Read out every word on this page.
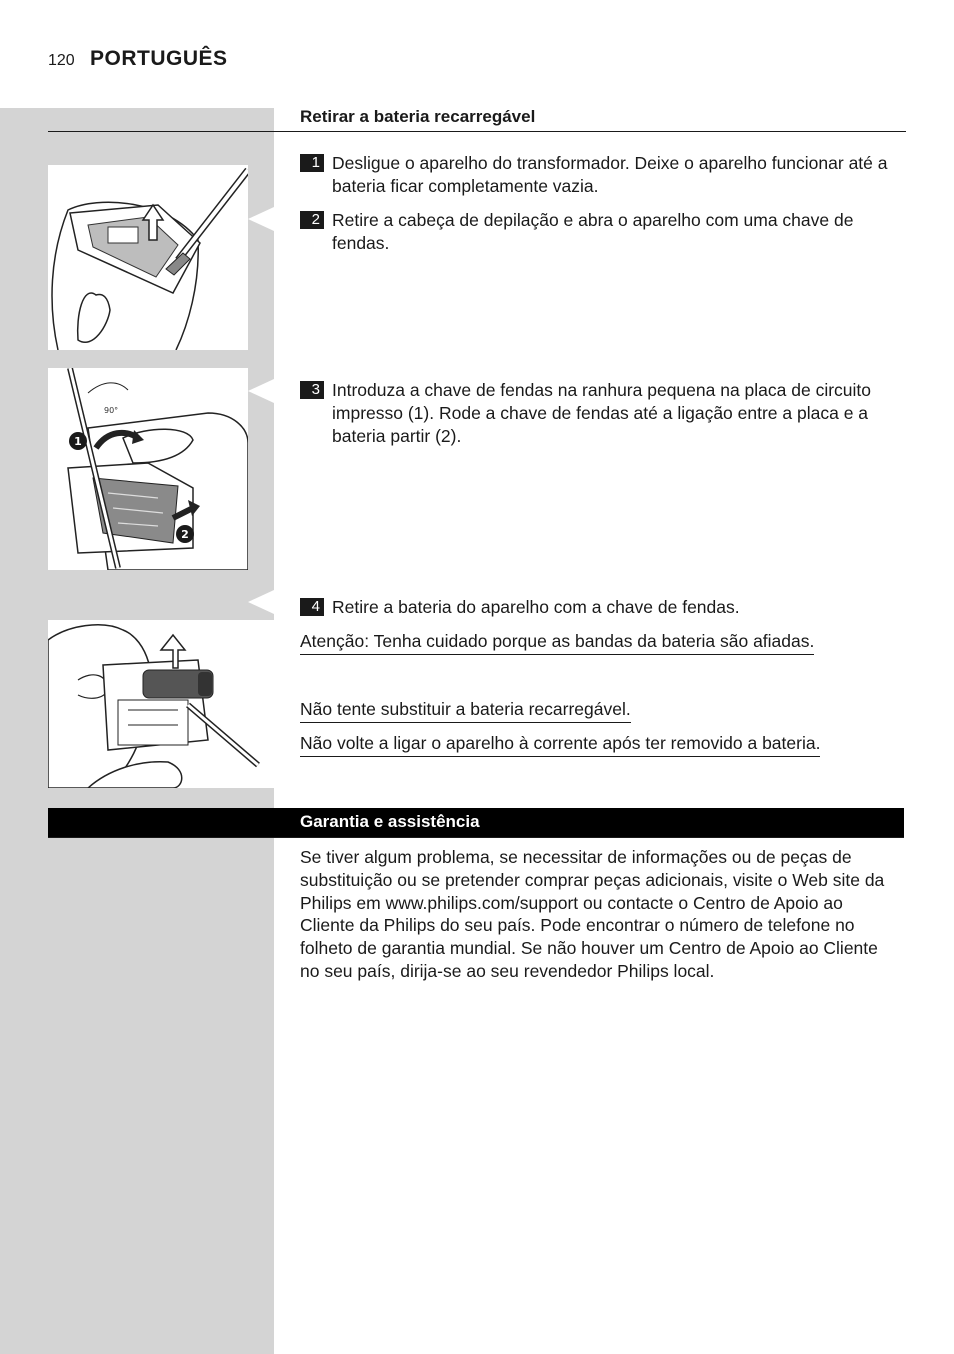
120 PORTUGUÊS
Retirar a bateria recarregável
1 Desligue o aparelho do transformador. Deixe o aparelho funcionar até a bateria ficar completamente vazia.
2 Retire a cabeça de depilação e abra o aparelho com uma chave de fendas.
90°
1
2
3 Introduza a chave de fendas na ranhura pequena na placa de circuito impresso (1). Rode a chave de fendas até a ligação entre a placa e a bateria partir (2).
4 Retire a bateria do aparelho com a chave de fendas.
Atenção: Tenha cuidado porque as bandas da bateria são afiadas.
Não tente substituir a bateria recarregável.
Não volte a ligar o aparelho à corrente após ter removido a bateria.
Garantia e assistência
Se tiver algum problema, se necessitar de informações ou de peças de substituição ou se pretender comprar peças adicionais, visite o Web site da Philips em www.philips.com/support ou contacte o Centro de Apoio ao Cliente da Philips do seu país. Pode encontrar o número de telefone no folheto de garantia mundial. Se não houver um Centro de Apoio ao Cliente no seu país, dirija-se ao seu revendedor Philips local.
